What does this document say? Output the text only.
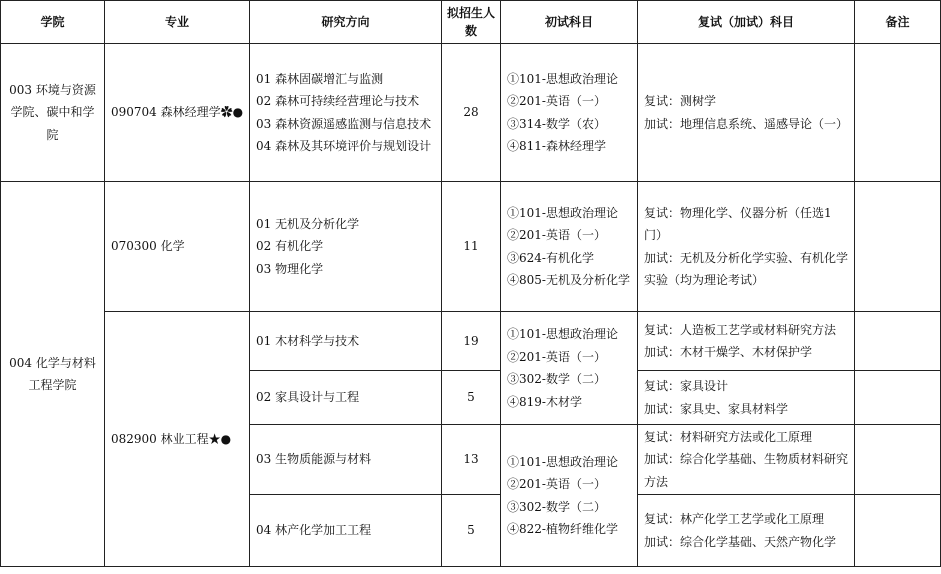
学院	专业	研究方向	拟招生人数	初试科目	复试（加试）科目	备注

003 环境与资源学院、碳中和学院	090704 森林经理学✿●	01 森林固碳增汇与监测
02 森林可持续经营理论与技术
03 森林资源遥感监测与信息技术
04 森林及其环境评价与规划设计	28	①101-思想政治理论
②201-英语（一）
③314-数学（农）
④811-森林经理学	复试：测树学
加试：地理信息系统、遥感导论（一）	

004 化学与材料工程学院	070300 化学	01 无机及分析化学
02 有机化学
03 物理化学	11	①101-思想政治理论
②201-英语（一）
③624-有机化学
④805-无机及分析化学	复试：物理化学、仪器分析（任选1门）
加试：无机及分析化学实验、有机化学实验（均为理论考试）	

	082900 林业工程★●	01 木材科学与技术	19	①101-思想政治理论
②201-英语（一）
③302-数学（二）
④819-木材学	复试：人造板工艺学或材料研究方法
加试：木材干燥学、木材保护学	

		02 家具设计与工程	5		复试：家具设计
加试：家具史、家具材料学	

		03 生物质能源与材料	13	①101-思想政治理论
②201-英语（一）
③302-数学（二）
④822-植物纤维化学	复试：材料研究方法或化工原理
加试：综合化学基础、生物质材料研究方法	

		04 林产化学加工工程	5		复试：林产化学工艺学或化工原理
加试：综合化学基础、天然产物化学	
